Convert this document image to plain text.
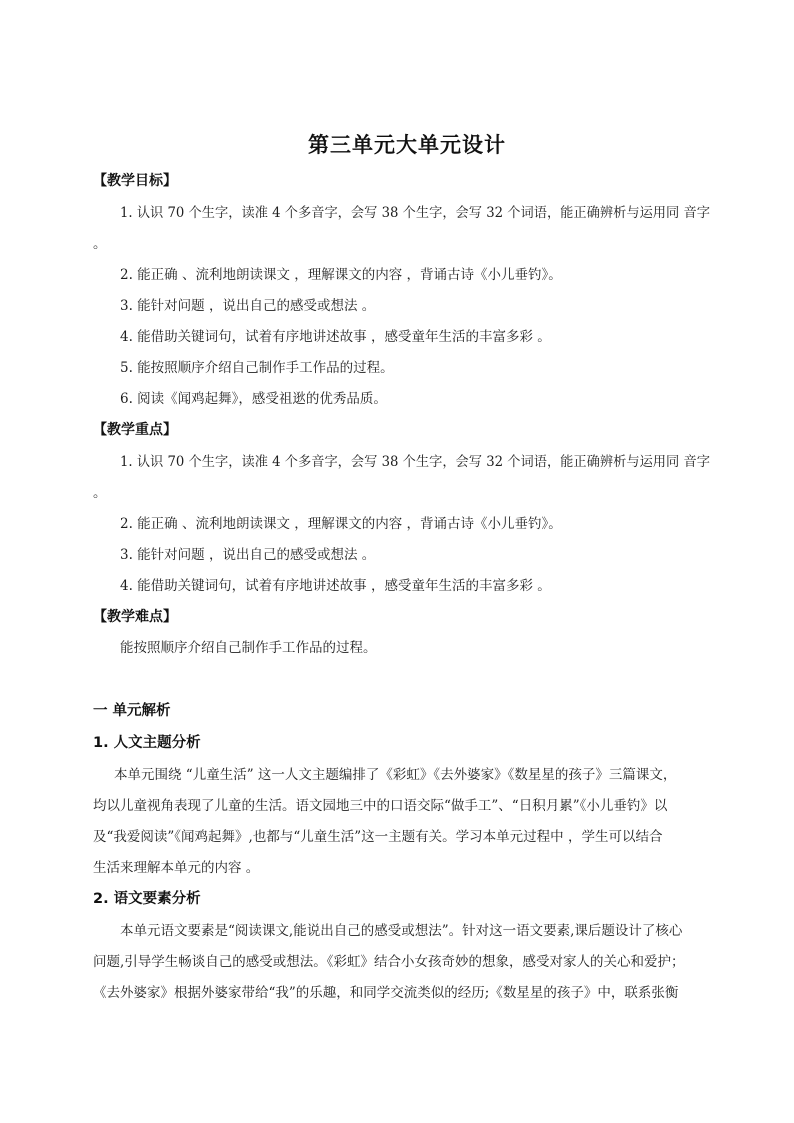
第三单元大单元设计
【教学目标】
1. 认识 70 个生字，读准 4 个多音字，会写 38 个生字，会写 32 个词语，能正确辨析与运用同 音字
。
2. 能正确 、流利地朗读课文 ，理解课文的内容 ，背诵古诗《小儿垂钓》。
3. 能针对问题 ，说出自己的感受或想法 。
4. 能借助关键词句，试着有序地讲述故事 ，感受童年生活的丰富多彩 。
5. 能按照顺序介绍自己制作手工作品的过程。
6. 阅读《闻鸡起舞》，感受祖逖的优秀品质。
【教学重点】
1. 认识 70 个生字，读准 4 个多音字，会写 38 个生字，会写 32 个词语，能正确辨析与运用同 音字
。
2. 能正确 、流利地朗读课文 ，理解课文的内容 ，背诵古诗《小儿垂钓》。
3. 能针对问题 ，说出自己的感受或想法 。
4. 能借助关键词句，试着有序地讲述故事 ，感受童年生活的丰富多彩 。
【教学难点】
能按照顺序介绍自己制作手工作品的过程。
一 单元解析
1. 人文主题分析
本单元围绕 “儿童生活” 这一人文主题编排了《彩虹》《去外婆家》《数星星的孩子》三篇课文，
均以儿童视角表现了儿童的生活。语文园地三中的口语交际“做手工”、“日积月累”《小儿垂钓》以
及“我爱阅读”《闻鸡起舞》,也都与“儿童生活”这一主题有关。学习本单元过程中 ，学生可以结合
生活来理解本单元的内容 。
2. 语文要素分析
本单元语文要素是“阅读课文,能说出自己的感受或想法”。针对这一语文要素,课后题设计了核心
问题,引导学生畅谈自己的感受或想法。《彩虹》结合小女孩奇妙的想象，感受对家人的关心和爱护；
《去外婆家》根据外婆家带给“我”的乐趣，和同学交流类似的经历;《数星星的孩子》中，联系张衡
